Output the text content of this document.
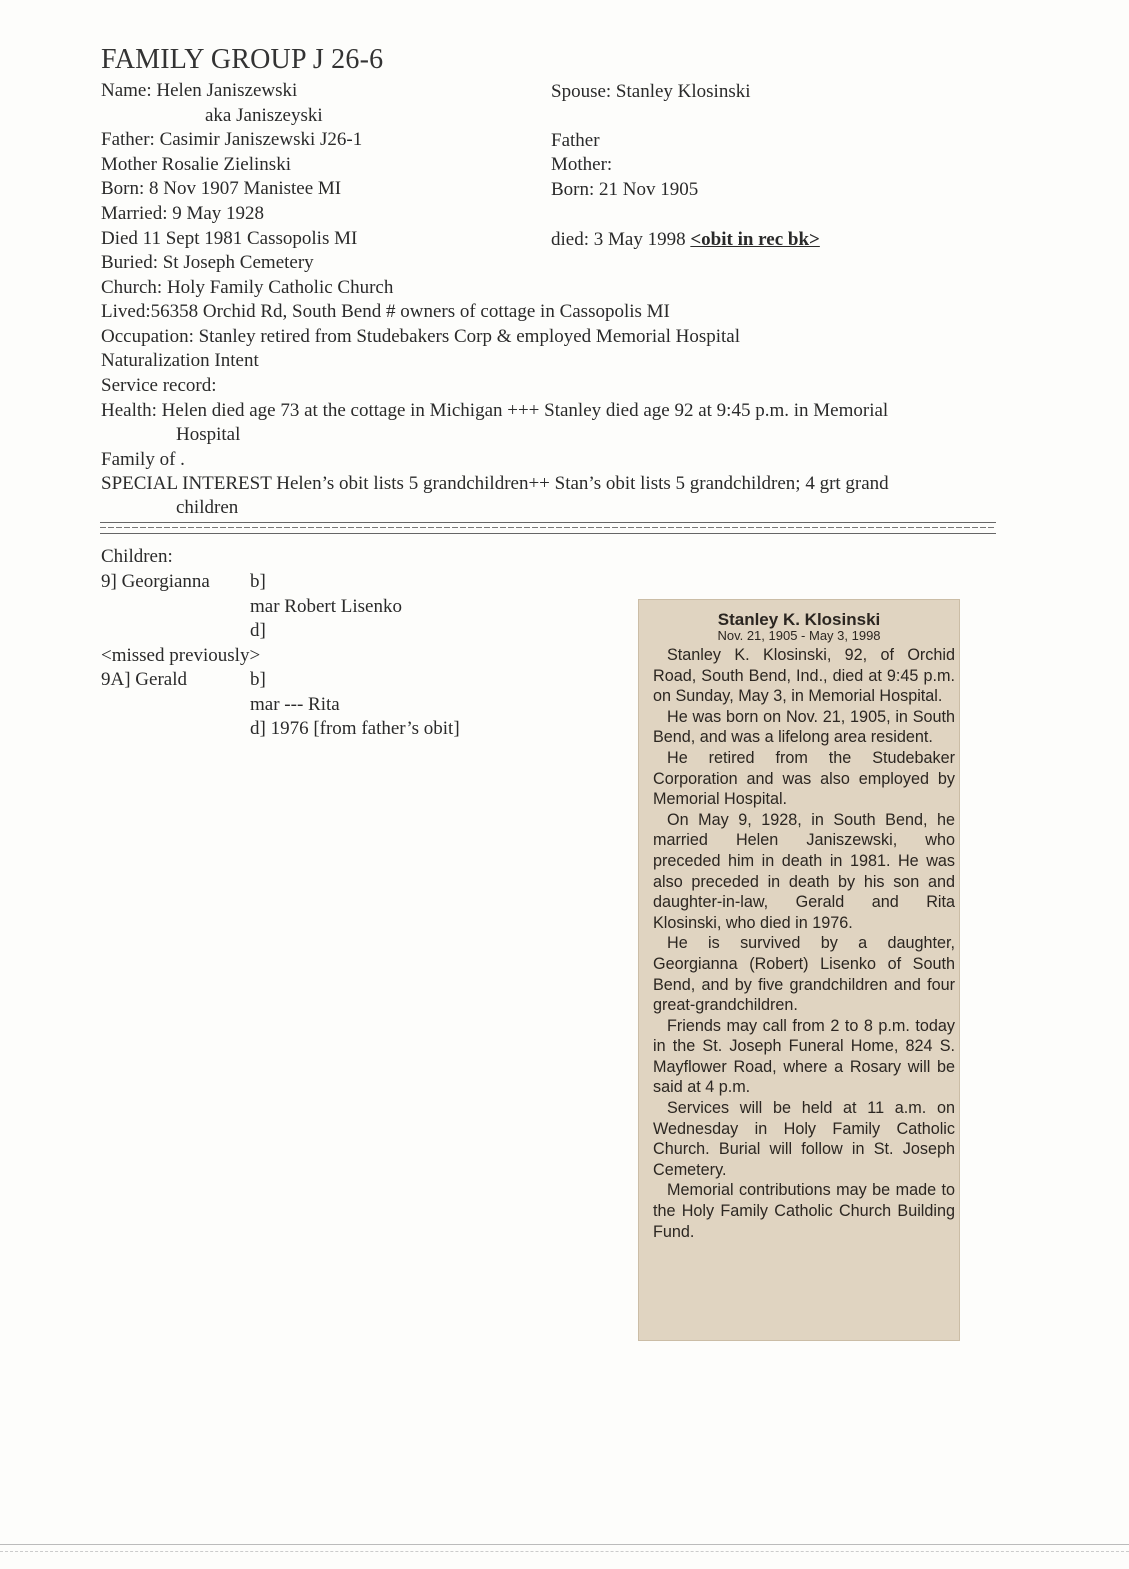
FAMILY GROUP J 26-6
Name: Helen Janiszewski
aka Janiszeyski
Father: Casimir Janiszewski J26-1
Mother Rosalie Zielinski
Born: 8 Nov 1907 Manistee MI
Married: 9 May 1928
Died 11 Sept 1981 Cassopolis MI
Spouse: Stanley Klosinski
Father
Mother:
Born: 21 Nov 1905
died: 3 May 1998 <obit in rec bk>
Buried: St Joseph Cemetery
Church: Holy Family Catholic Church
Lived:56358 Orchid Rd, South Bend # owners of cottage in Cassopolis MI
Occupation: Stanley retired from Studebakers Corp & employed Memorial Hospital
Naturalization Intent
Service record:
Health: Helen died age 73 at the cottage in Michigan +++ Stanley died age 92 at 9:45 p.m. in Memorial
Hospital
Family of .
SPECIAL INTEREST Helen’s obit lists 5 grandchildren++ Stan’s obit lists 5 grandchildren; 4 grt grand
children
Children:
9] Georgianna b]
mar Robert Lisenko
d]
<missed previously>
9A] Gerald	b]
mar --- Rita
d] 1976 [from father’s obit]
Stanley K. Klosinski
Nov. 21, 1905 - May 3, 1998

Stanley K. Klosinski, 92, of Orchid Road, South Bend, Ind., died at 9:45 p.m. on Sunday, May 3, in Memorial Hospital.

He was born on Nov. 21, 1905, in South Bend, and was a lifelong area resident.

He retired from the Studebaker Corporation and was also employed by Memorial Hospital.

On May 9, 1928, in South Bend, he married Helen Janiszewski, who preceded him in death in 1981. He was also preceded in death by his son and daughter-in-law, Gerald and Rita Klosinski, who died in 1976.

He is survived by a daughter, Georgianna (Robert) Lisenko of South Bend, and by five grandchildren and four great-grandchildren.

Friends may call from 2 to 8 p.m. today in the St. Joseph Funeral Home, 824 S. Mayflower Road, where a Rosary will be said at 4 p.m.

Services will be held at 11 a.m. on Wednesday in Holy Family Catholic Church. Burial will follow in St. Joseph Cemetery.

Memorial contributions may be made to the Holy Family Catholic Church Building Fund.
